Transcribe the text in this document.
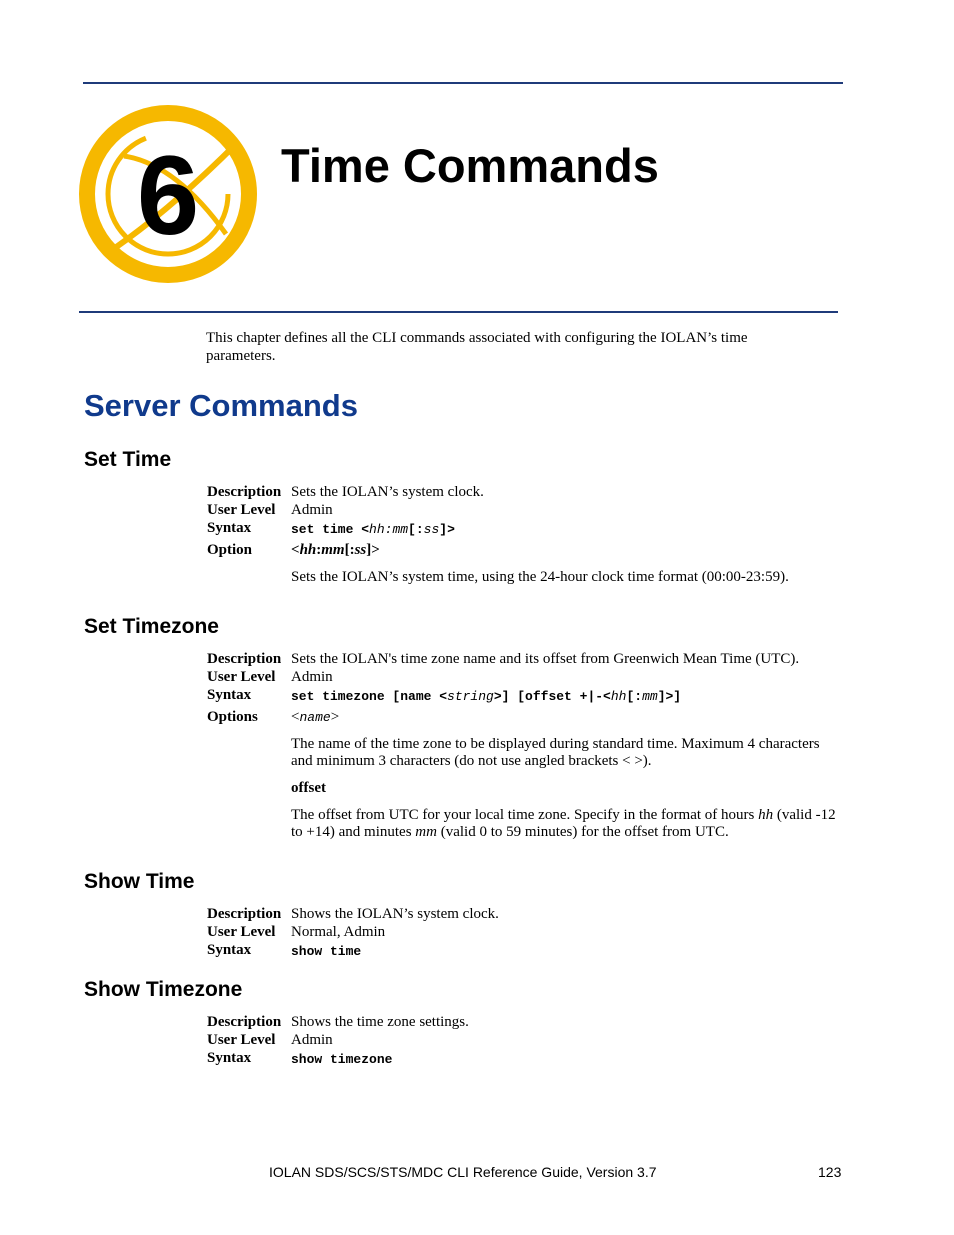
6 Time Commands
This chapter defines all the CLI commands associated with configuring the IOLAN’s time parameters.
Server Commands
Set Time
Description Sets the IOLAN’s system clock.
User Level Admin
Syntax	set time <hh:mm[:ss]>
Option	<hh:mm[:ss]>
Sets the IOLAN’s system time, using the 24-hour clock time format (00:00-23:59).
Set Timezone
Description Sets the IOLAN's time zone name and its offset from Greenwich Mean Time (UTC).
User Level Admin
Syntax	set timezone [name <string>] [offset +|-<hh[:mm]>]
Options <name>
The name of the time zone to be displayed during standard time. Maximum 4 characters and minimum 3 characters (do not use angled brackets < >).
offset
The offset from UTC for your local time zone. Specify in the format of hours hh (valid -12 to +14) and minutes mm (valid 0 to 59 minutes) for the offset from UTC.
Show Time
Description Shows the IOLAN’s system clock.
User Level Normal, Admin
Syntax	show time
Show Timezone
Description Shows the time zone settings.
User Level Admin
Syntax	show timezone
IOLAN SDS/SCS/STS/MDC CLI Reference Guide, Version 3.7	123
